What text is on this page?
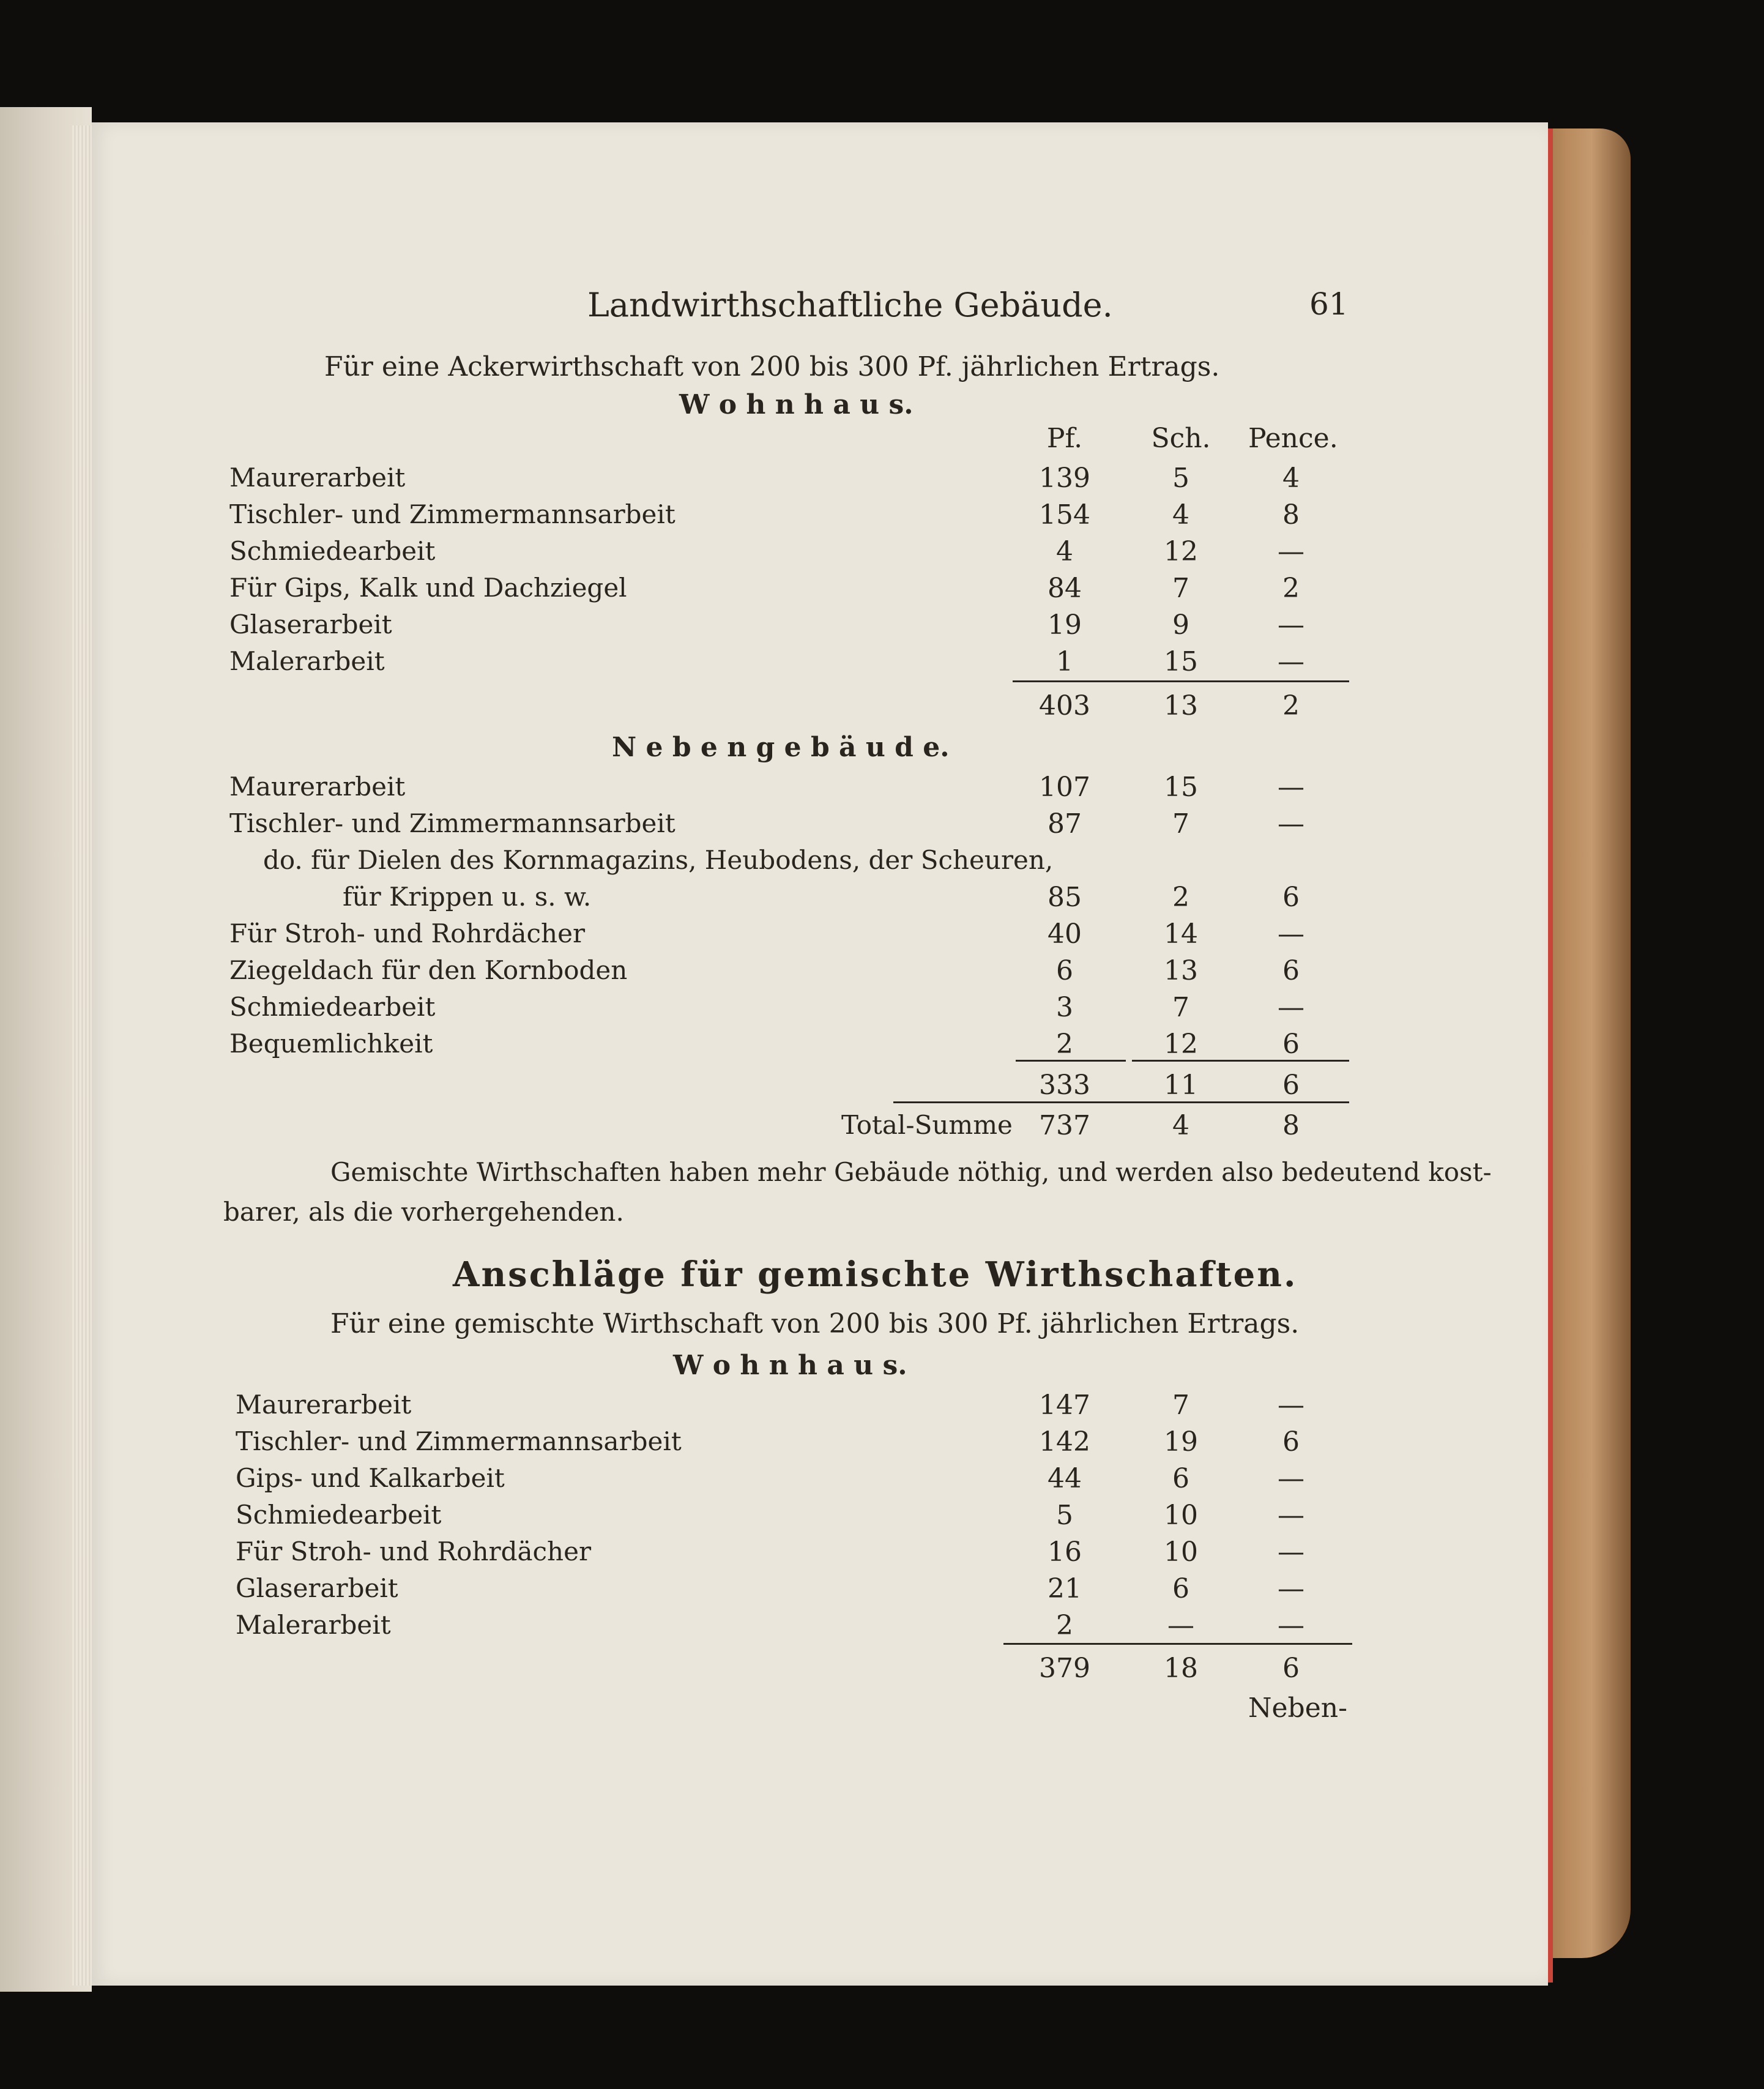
Landwirthschaftliche Gebäude.	61
Für eine Ackerwirthschaft von 200 bis 300 Pf. jährlichen Ertrags.
W o h n h a u s.
Pf.	Sch.	Pence.
Maurerarbeit	139	5	4
Tischler- und Zimmermannsarbeit	154	4	8
Schmiedearbeit	4	12	—
Für Gips, Kalk und Dachziegel	84	7	2
Glaserarbeit	19	9	—
Malerarbeit	1	15	—
403	13	2
N e b e n g e b ä u d e.
Maurerarbeit	107	15	—
Tischler- und Zimmermannsarbeit	87	7	—
do. für Dielen des Kornmagazins, Heubodens, der Scheuren,
für Krippen u. s. w.	85	2	6
Für Stroh- und Rohrdächer	40	14	—
Ziegeldach für den Kornboden	6	13	6
Schmiedearbeit	3	7	—
Bequemlichkeit	2	12	6
333	11	6
Total-Summe 737	4	8
Gemischte Wirthschaften haben mehr Gebäude nöthig, und werden also bedeutend kost-
barer, als die vorhergehenden.
Anschläge für gemischte Wirthschaften.
Für eine gemischte Wirthschaft von 200 bis 300 Pf. jährlichen Ertrags.
W o h n h a u s.
Maurerarbeit	147	7	—
Tischler- und Zimmermannsarbeit	142	19	6
Gips- und Kalkarbeit	44	6	—
Schmiedearbeit	5	10	—
Für Stroh- und Rohrdächer	16	10	—
Glaserarbeit	21	6	—
Malerarbeit	2	—	—
379	18	6
Neben-
